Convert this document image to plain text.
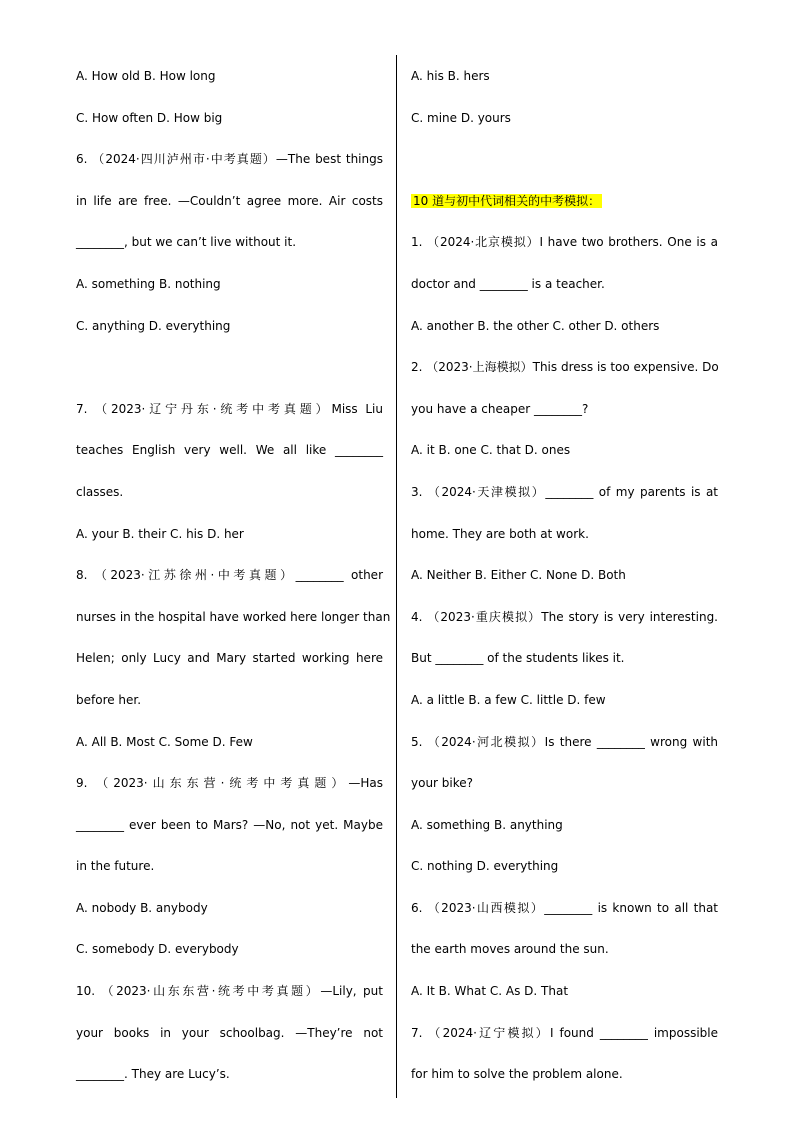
A. How old B. How long
C. How often D. How big
6. （2024·四川泸州市·中考真题）—The best things
in life are free. —Couldn’t agree more. Air costs
________, but we can’t live without it.
A. something B. nothing
C. anything D. everything
7. （2023·辽宁丹东·统考中考真题）Miss Liu
teaches English very well. We all like ________
classes.
A. your B. their C. his D. her
8. （2023·江苏徐州·中考真题）________ other
nurses in the hospital have worked here longer than
Helen; only Lucy and Mary started working here
before her.
A. All B. Most C. Some D. Few
9. （2023·山东东营·统考中考真题）—Has
________ ever been to Mars? —No, not yet. Maybe
in the future.
A. nobody B. anybody
C. somebody D. everybody
10. （2023·山东东营·统考中考真题）—Lily, put
your books in your schoolbag. —They’re not
________. They are Lucy’s.
A. his B. hers
C. mine D. yours
10 道与初中代词相关的中考模拟：
1. （2024·北京模拟）I have two brothers. One is a
doctor and ________ is a teacher.
A. another B. the other C. other D. others
2. （2023·上海模拟）This dress is too expensive. Do
you have a cheaper ________?
A. it B. one C. that D. ones
3. （2024·天津模拟）________ of my parents is at
home. They are both at work.
A. Neither B. Either C. None D. Both
4. （2023·重庆模拟）The story is very interesting.
But ________ of the students likes it.
A. a little B. a few C. little D. few
5. （2024·河北模拟）Is there ________ wrong with
your bike?
A. something B. anything
C. nothing D. everything
6. （2023·山西模拟）________ is known to all that
the earth moves around the sun.
A. It B. What C. As D. That
7. （2024·辽宁模拟）I found ________ impossible
for him to solve the problem alone.
